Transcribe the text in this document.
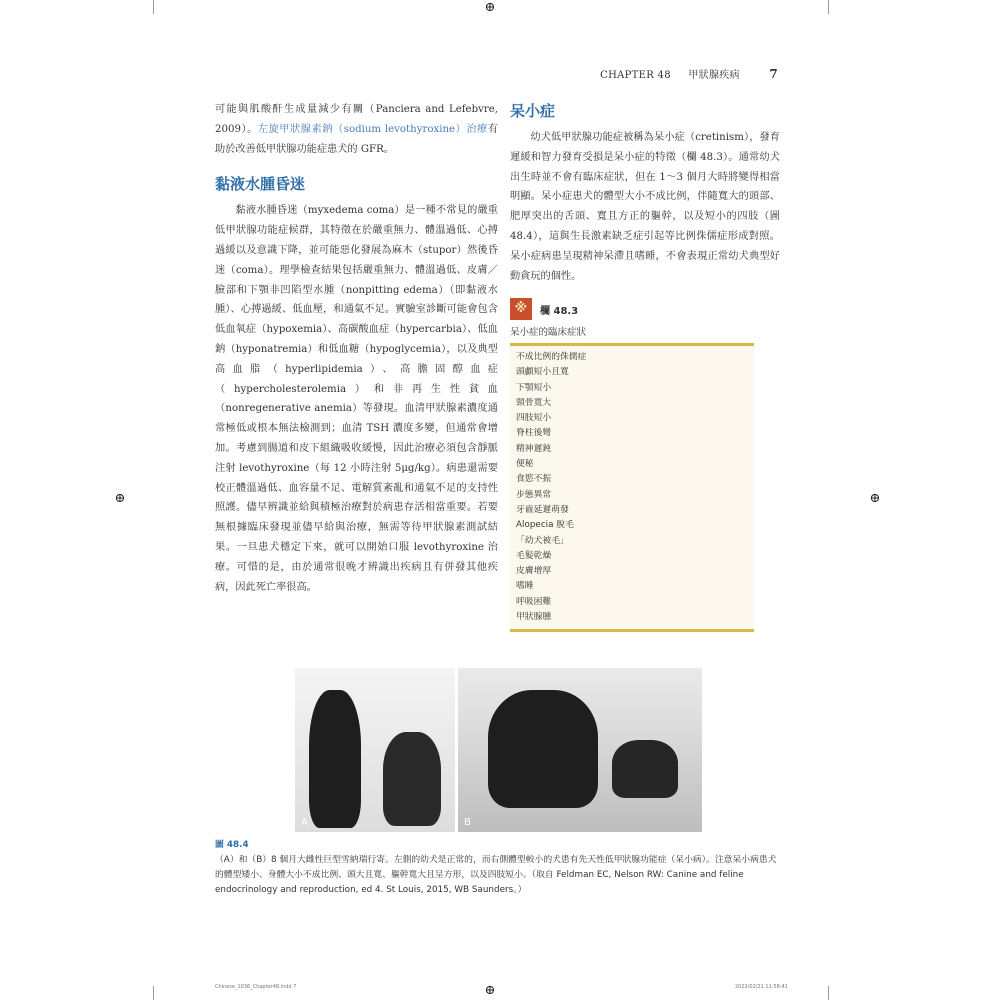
⊕
⊕	⊕
⊕
CHAPTER 48 甲狀腺疾病 7

可能與肌酸酐生成量減少有關（Panciera and Lefebvre, 2009）。左旋甲狀腺素鈉（sodium levothyroxine）治療有助於改善低甲狀腺功能症患犬的 GFR。

黏液水腫昏迷

黏液水腫昏迷（myxedema coma）是一種不常見的嚴重低甲狀腺功能症候群，其特徵在於嚴重無力、體溫過低、心搏過緩以及意識下降，並可能惡化發展為麻木（stupor）然後昏迷（coma）。理學檢查結果包括嚴重無力、體溫過低、皮膚／臉部和下顎非凹陷型水腫（nonpitting edema）（即黏液水腫）、心搏過緩、低血壓，和通氣不足。實驗室診斷可能會包含低血氧症（hypoxemia）、高碳酸血症（hypercarbia）、低血鈉（hyponatremia）和低血糖（hypoglycemia），以及典型高血脂（hyperlipidemia）、高膽固醇血症（hypercholesterolemia）和非再生性貧血（nonregenerative anemia）等發現。血清甲狀腺素濃度通常極低或根本無法檢測到；血清 TSH 濃度多變，但通常會增加。考慮到腸道和皮下組織吸收緩慢，因此治療必須包含靜脈注射 levothyroxine（每 12 小時注射 5μg/kg）。病患還需要校正體溫過低、血容量不足、電解質紊亂和通氣不足的支持性照護。儘早辨識並給與積極治療對於病患存活相當重要。若要無根據臨床發現並儘早給與治療，無需等待甲狀腺素測試結果。一旦患犬穩定下來，就可以開始口服 levothyroxine 治療。可惜的是，由於通常很晚才辨識出疾病且有併發其他疾病，因此死亡率很高。

呆小症

幼犬低甲狀腺功能症被稱為呆小症（cretinism），發育遲緩和智力發育受損是呆小症的特徵（欄 48.3）。通常幼犬出生時並不會有臨床症狀，但在 1～3 個月大時將變得相當明顯。呆小症患犬的體型大小不成比例，伴隨寬大的頭部、肥厚突出的舌頭、寬且方正的軀幹，以及短小的四肢（圖 48.4），這與生長激素缺乏症引起等比例侏儒症形成對照。呆小症病患呈現精神呆滯且嗜睡，不會表現正常幼犬典型好動貪玩的個性。

※	欄 48.3
呆小症的臨床症狀
不成比例的侏儒症
頭顱短小且寬
下顎短小
頸骨寬大
四肢短小
脊柱後彎
精神遲鈍
便秘
食慾不振
步態異常
牙齒延遲萌發
Alopecia 脫毛
「幼犬被毛」
毛髮乾燥
皮膚增厚
嗜睡
呼吸困難
甲狀腺腫
A	B
圖 48.4
（A）和（B）8 個月大雌性巨型雪納瑞行寄。左側的幼犬是正常的，而右側體型較小的犬患有先天性低甲狀腺功能症（呆小病）。注意呆小病患犬的體型矮小、身體大小不成比例、頭大且寬、軀幹寬大且呈方形，以及四肢短小。（取自 Feldman EC, Nelson RW: Canine and feline endocrinology and reproduction, ed 4. St Louis, 2015, WB Saunders。）
Chinese_1036_Chapter48.indd 7	2022/02/21 11:58:41
